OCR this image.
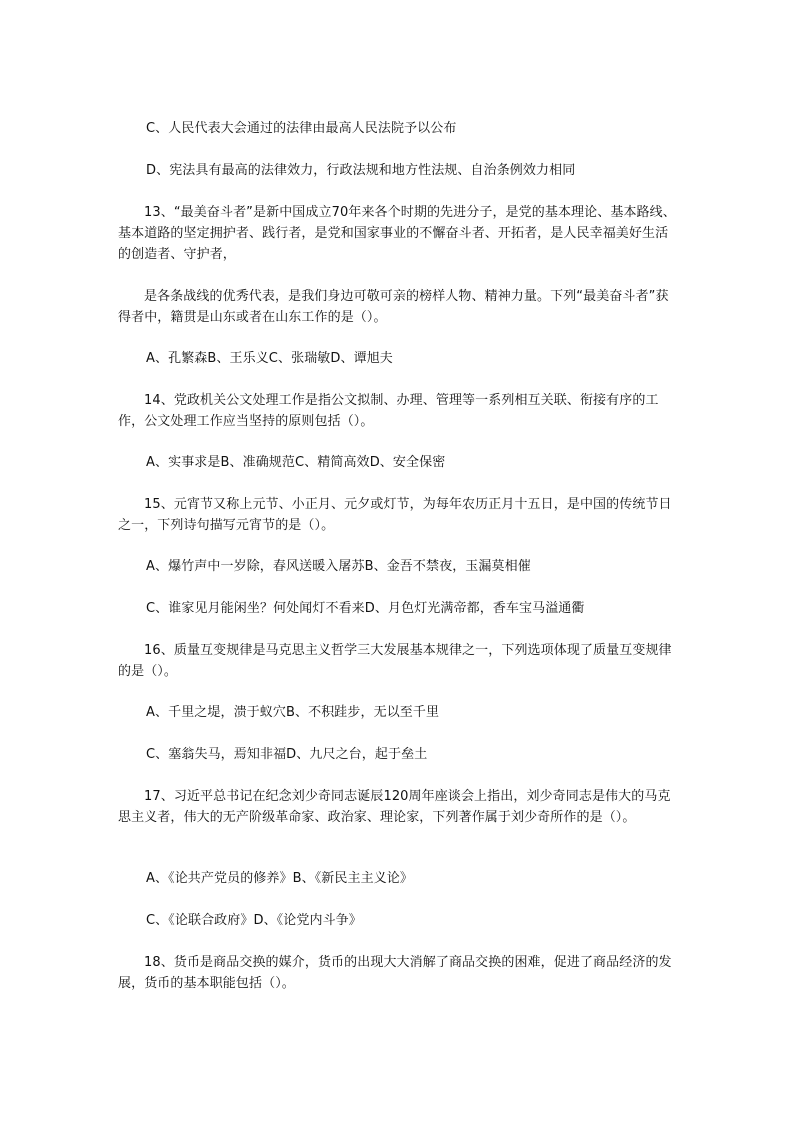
C、人民代表大会通过的法律由最高人民法院予以公布
D、宪法具有最高的法律效力，行政法规和地方性法规、自治条例效力相同
13、“最美奋斗者”是新中国成立70年来各个时期的先进分子，是党的基本理论、基本路线、基本道路的坚定拥护者、践行者，是党和国家事业的不懈奋斗者、开拓者，是人民幸福美好生活的创造者、守护者，
是各条战线的优秀代表，是我们身边可敬可亲的榜样人物、精神力量。下列“最美奋斗者”获得者中，籍贯是山东或者在山东工作的是（）。
A、孔繁森B、王乐义C、张瑞敏D、谭旭夫
14、党政机关公文处理工作是指公文拟制、办理、管理等一系列相互关联、衔接有序的工作，公文处理工作应当坚持的原则包括（）。
A、实事求是B、准确规范C、精简高效D、安全保密
15、元宵节又称上元节、小正月、元夕或灯节，为每年农历正月十五日，是中国的传统节日之一，下列诗句描写元宵节的是（）。
A、爆竹声中一岁除，春风送暖入屠苏B、金吾不禁夜，玉漏莫相催
C、谁家见月能闲坐？何处闻灯不看来D、月色灯光满帝都，香车宝马溢通衢
16、质量互变规律是马克思主义哲学三大发展基本规律之一，下列选项体现了质量互变规律的是（）。
A、千里之堤，溃于蚁穴B、不积跬步，无以至千里
C、塞翁失马，焉知非福D、九尺之台，起于垒土
17、习近平总书记在纪念刘少奇同志诞辰120周年座谈会上指出，刘少奇同志是伟大的马克思主义者，伟大的无产阶级革命家、政治家、理论家，下列著作属于刘少奇所作的是（）。
A、《论共产党员的修养》B、《新民主主义论》
C、《论联合政府》D、《论党内斗争》
18、货币是商品交换的媒介，货币的出现大大消解了商品交换的困难，促进了商品经济的发展，货币的基本职能包括（）。
